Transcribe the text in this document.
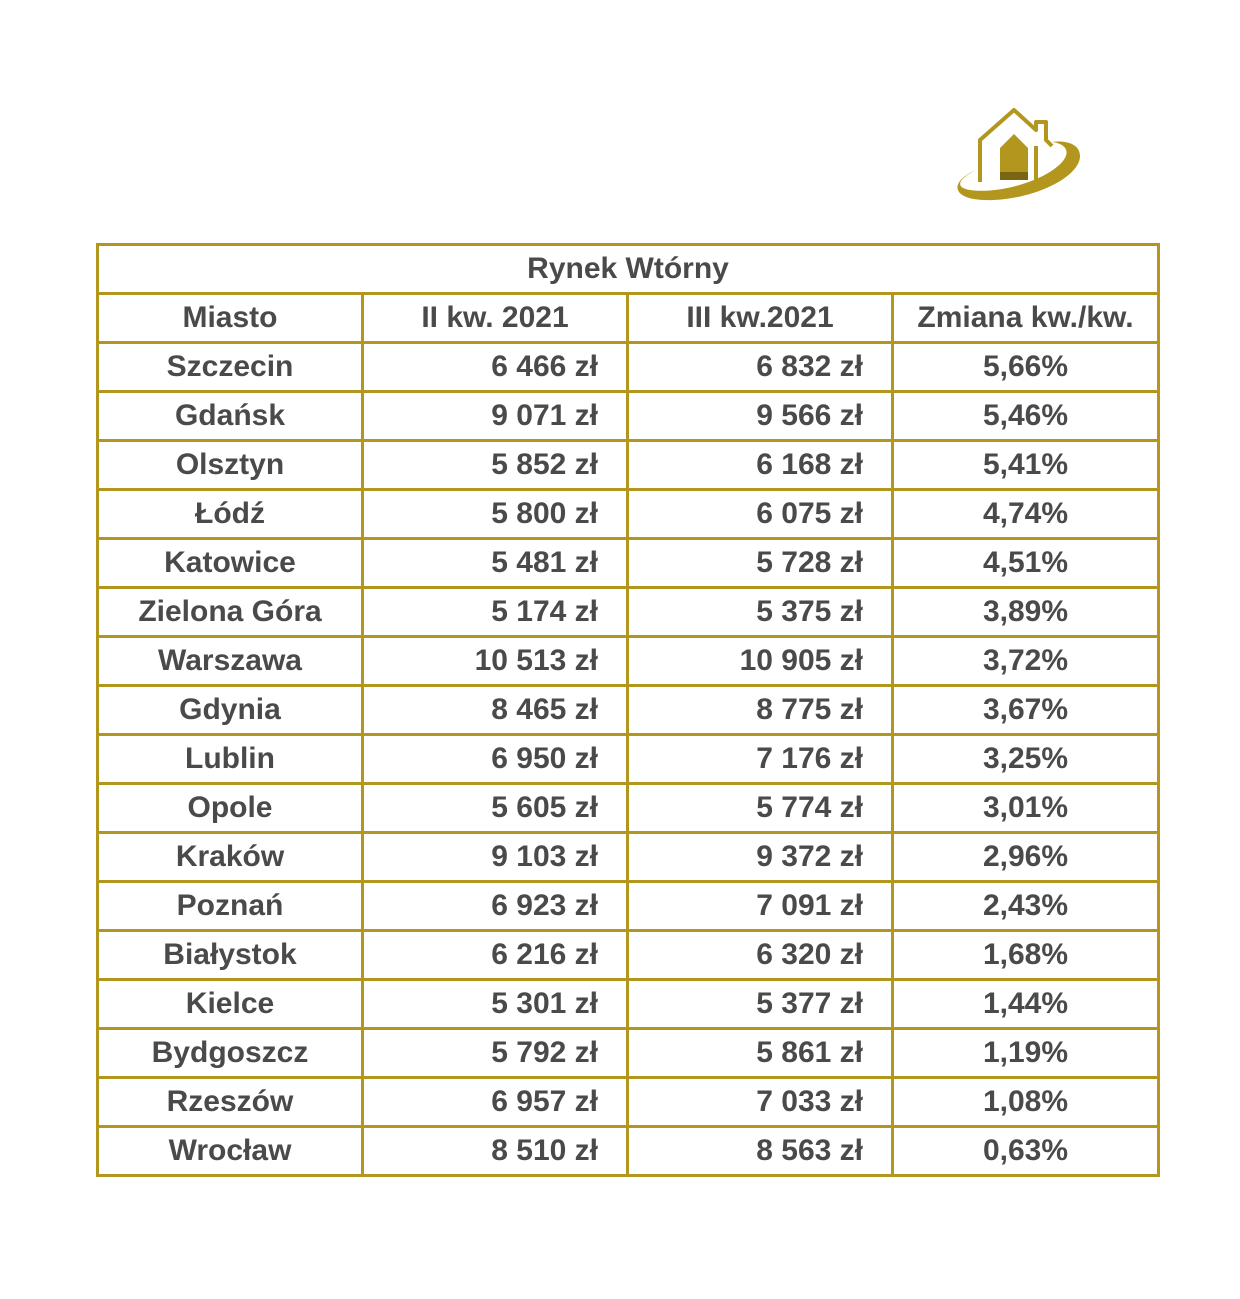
Rynek Wtórny			
Miasto	II kw. 2021	III kw.2021	Zmiana kw./kw.
Szczecin	6 466 zł	6 832 zł	5,66%
Gdańsk	9 071 zł	9 566 zł	5,46%
Olsztyn	5 852 zł	6 168 zł	5,41%
Łódź	5 800 zł	6 075 zł	4,74%
Katowice	5 481 zł	5 728 zł	4,51%
Zielona Góra	5 174 zł	5 375 zł	3,89%
Warszawa	10 513 zł	10 905 zł	3,72%
Gdynia	8 465 zł	8 775 zł	3,67%
Lublin	6 950 zł	7 176 zł	3,25%
Opole	5 605 zł	5 774 zł	3,01%
Kraków	9 103 zł	9 372 zł	2,96%
Poznań	6 923 zł	7 091 zł	2,43%
Białystok	6 216 zł	6 320 zł	1,68%
Kielce	5 301 zł	5 377 zł	1,44%
Bydgoszcz	5 792 zł	5 861 zł	1,19%
Rzeszów	6 957 zł	7 033 zł	1,08%
Wrocław	8 510 zł	8 563 zł	0,63%
